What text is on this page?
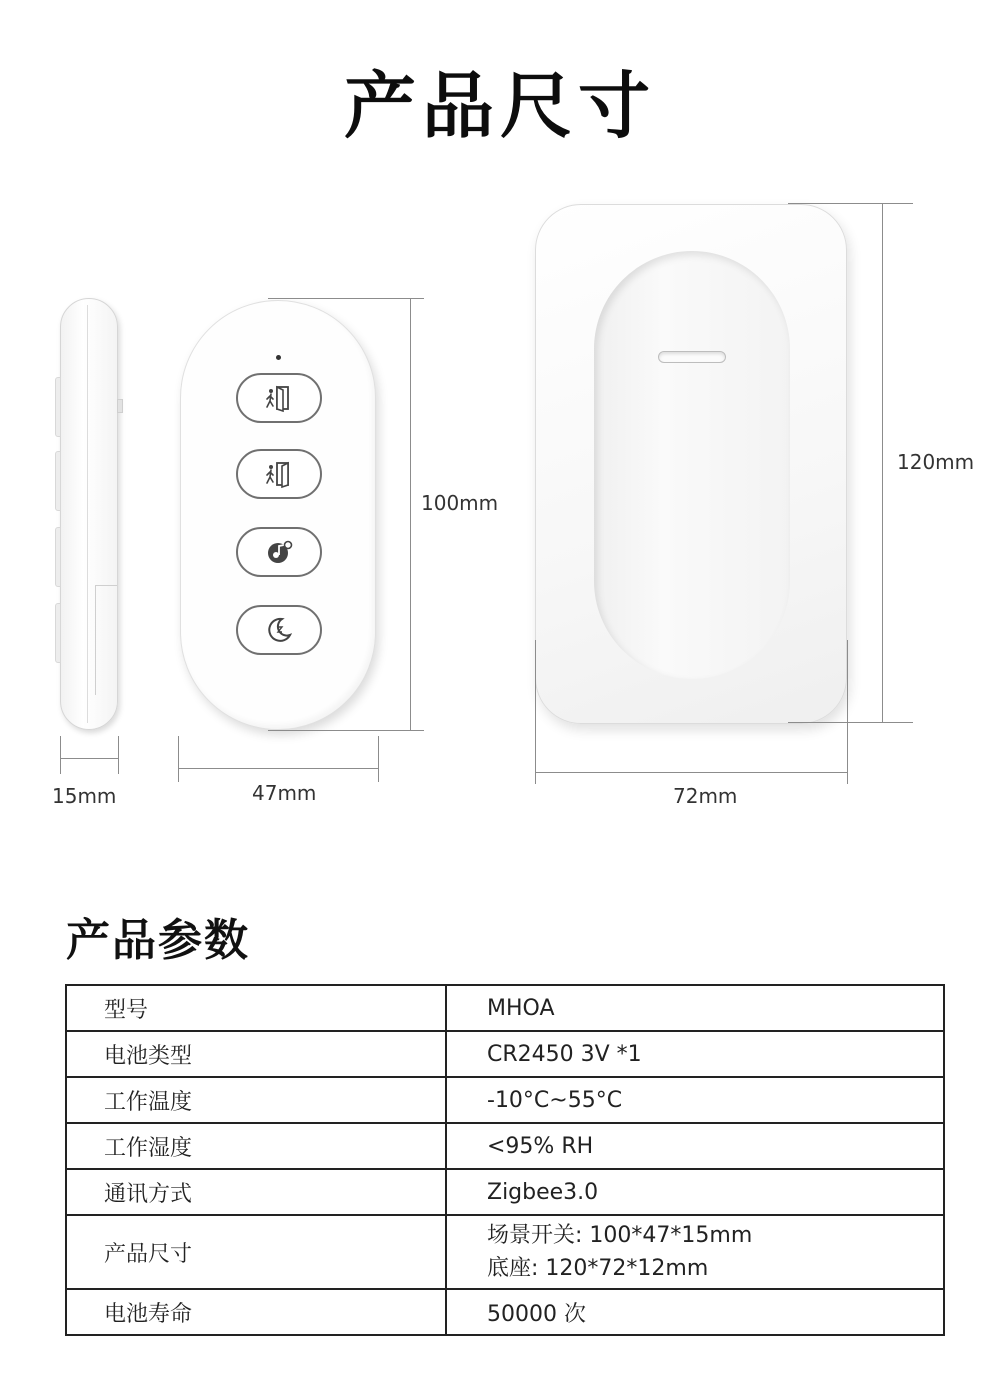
产品尺寸
15mm
100mm
47mm
120mm
72mm
产品参数
型号	MHOA
电池类型	CR2450 3V *1
工作温度	-10°C~55°C
工作湿度	<95% RH
通讯方式	Zigbee3.0
产品尺寸	场景开关: 100*47*15mm
底座: 120*72*12mm

电池寿命	50000 次
